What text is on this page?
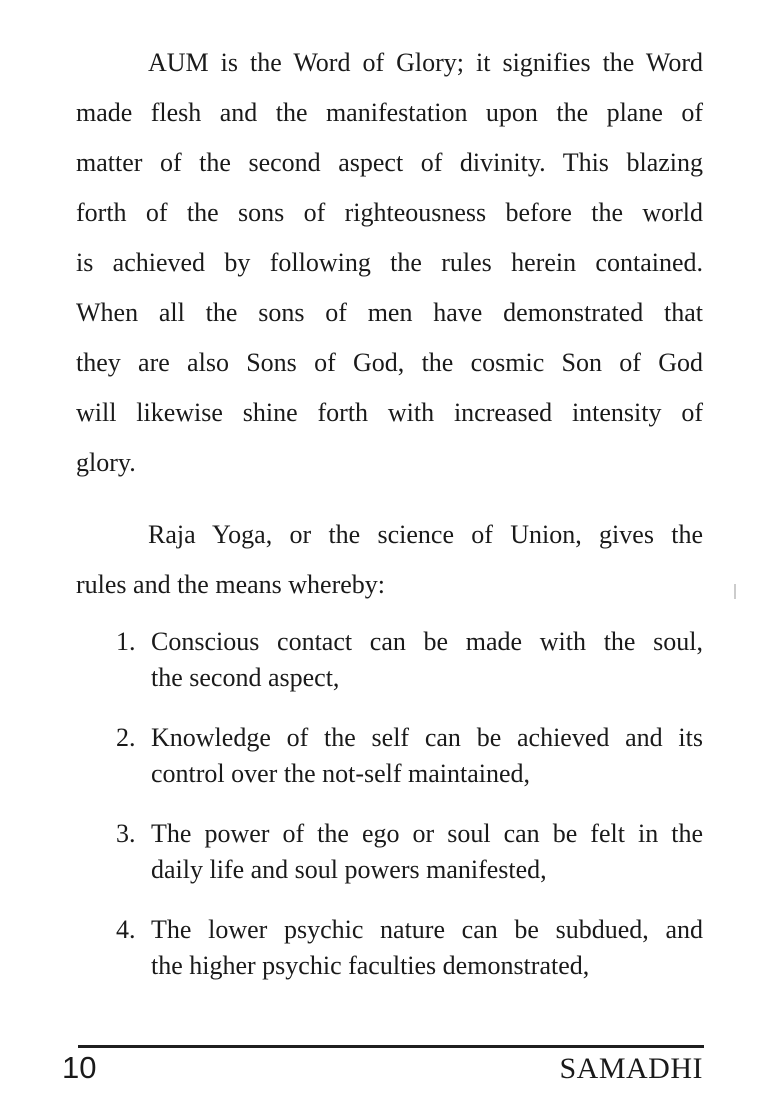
AUM is the Word of Glory; it signifies the Word
made flesh and the manifestation upon the plane of
matter of the second aspect of divinity. This blazing
forth of the sons of righteousness before the world
is achieved by following the rules herein contained.
When all the sons of men have demonstrated that
they are also Sons of God, the cosmic Son of God
will likewise shine forth with increased intensity of
glory.
Raja Yoga, or the science of Union, gives the
rules and the means whereby:
1. Conscious contact can be made with the soul,
the second aspect,
2. Knowledge of the self can be achieved and its
control over the not-self maintained,
3. The power of the ego or soul can be felt in the
daily life and soul powers manifested,
4. The lower psychic nature can be subdued, and
the higher psychic faculties demonstrated,
10	SAMADHI
